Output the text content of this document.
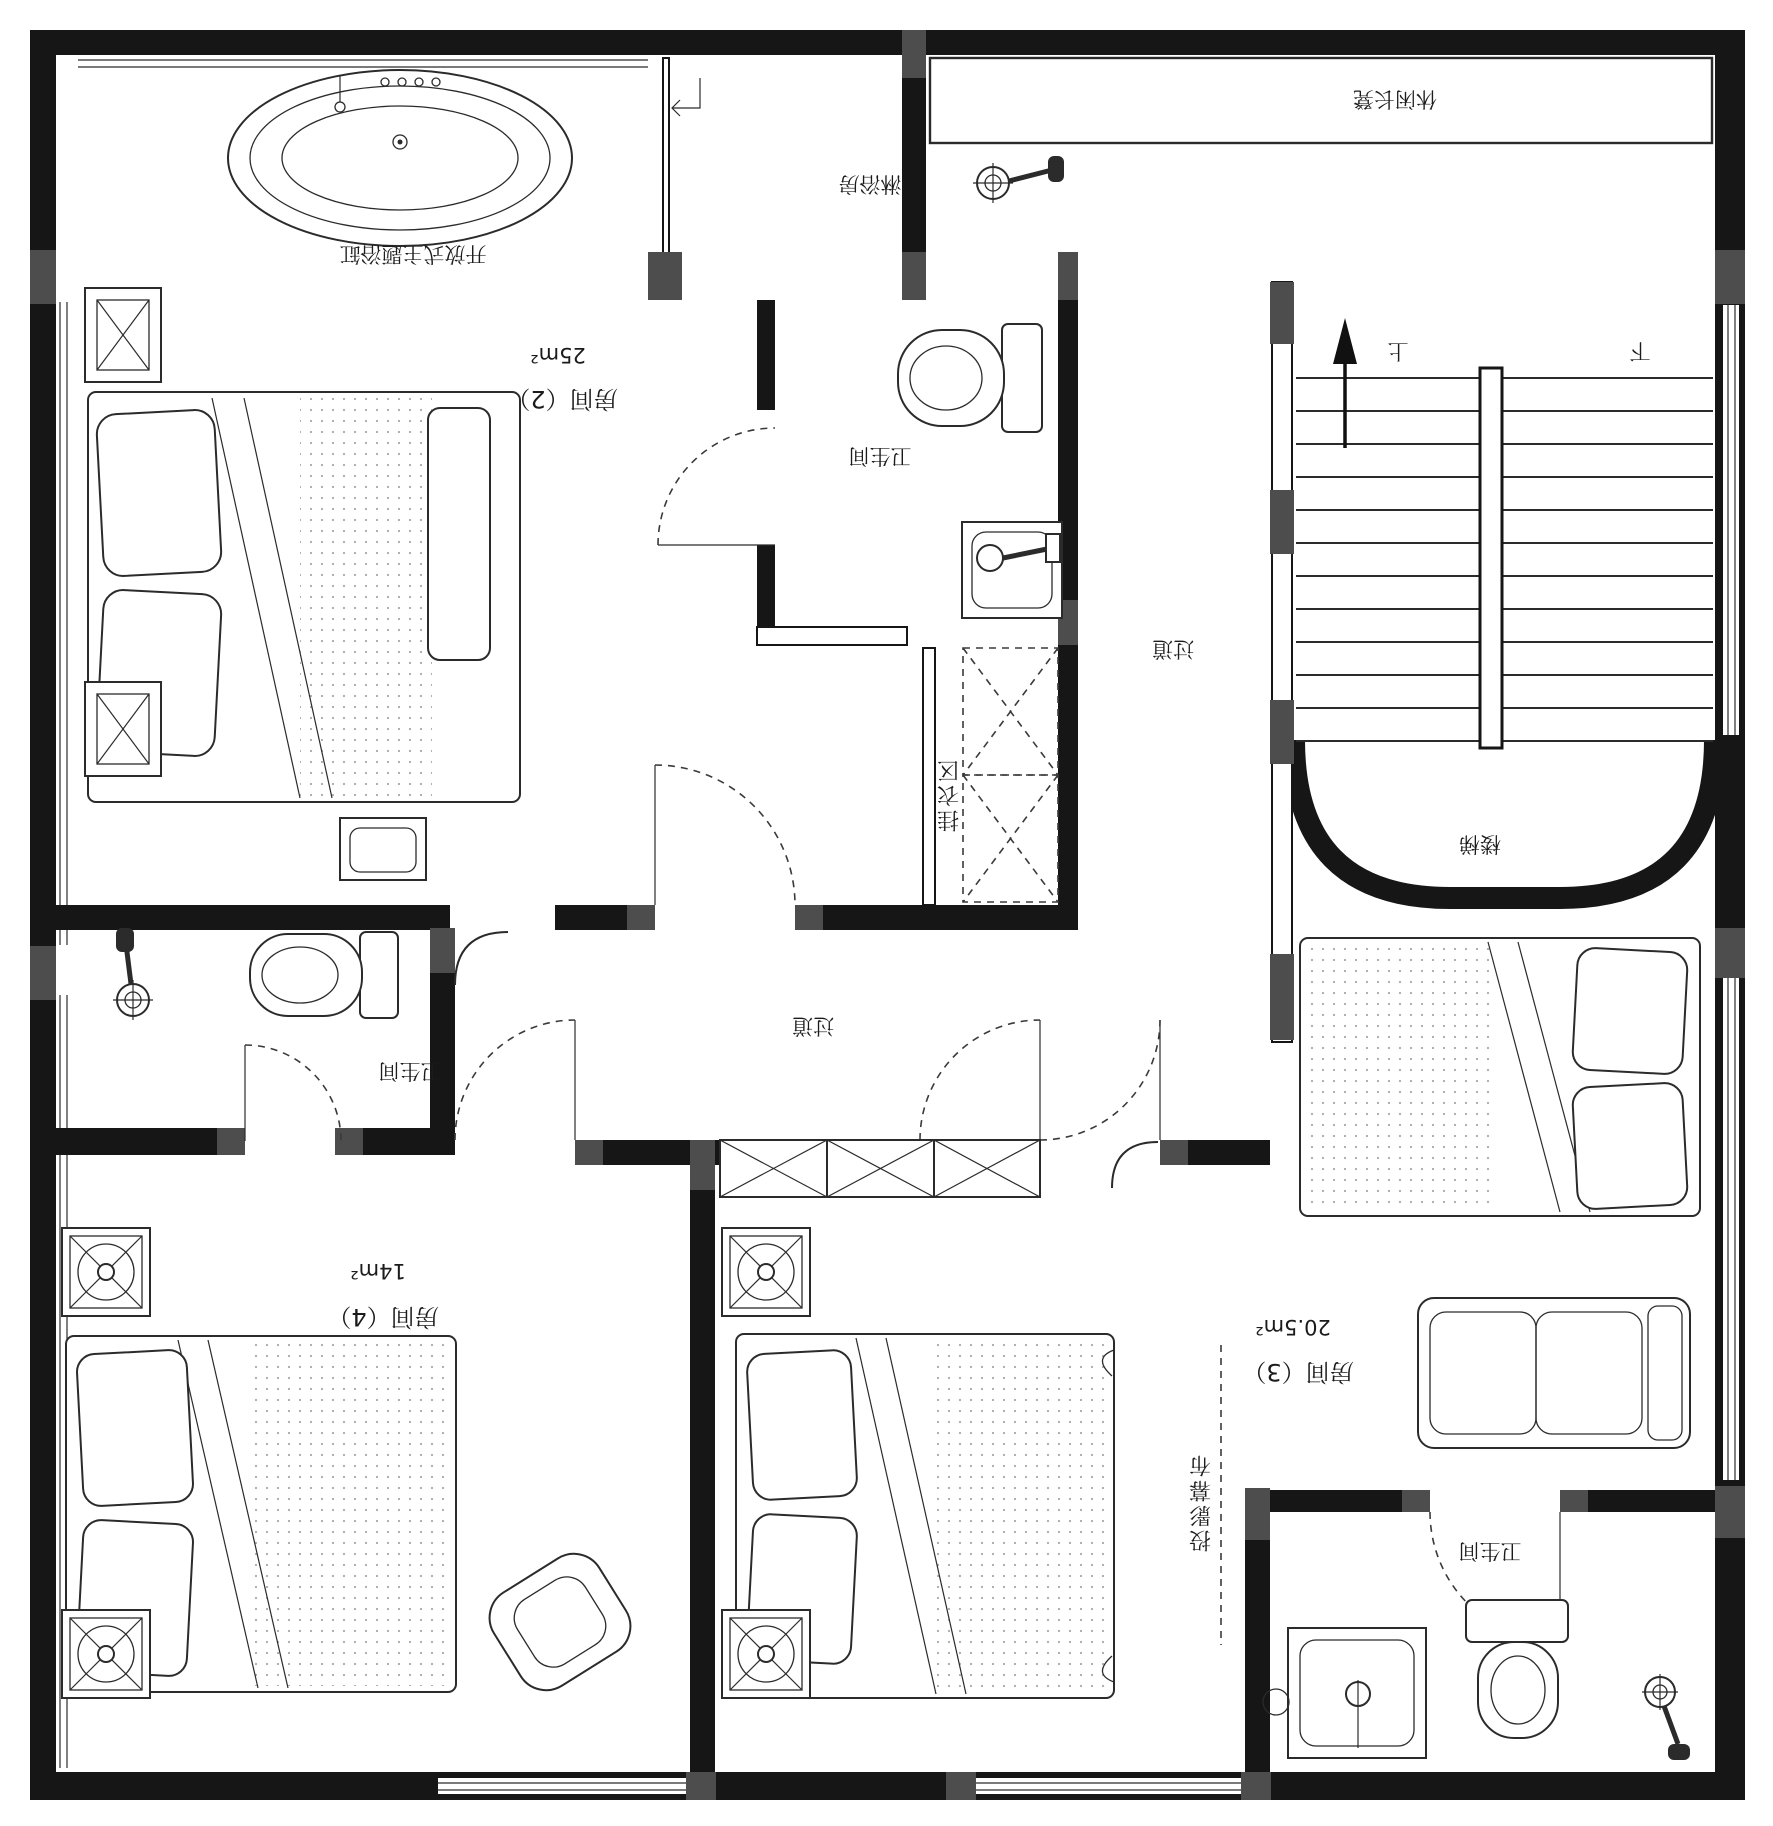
休闲长凳
淋浴房
开放式主题浴缸
25m²
房间（2）
卫生间
过道
过道
挂衣区
楼梯
上	下
卫生间
14m²
房间（4）	20.5m²
房间（3）
投影幕布	卫生间
